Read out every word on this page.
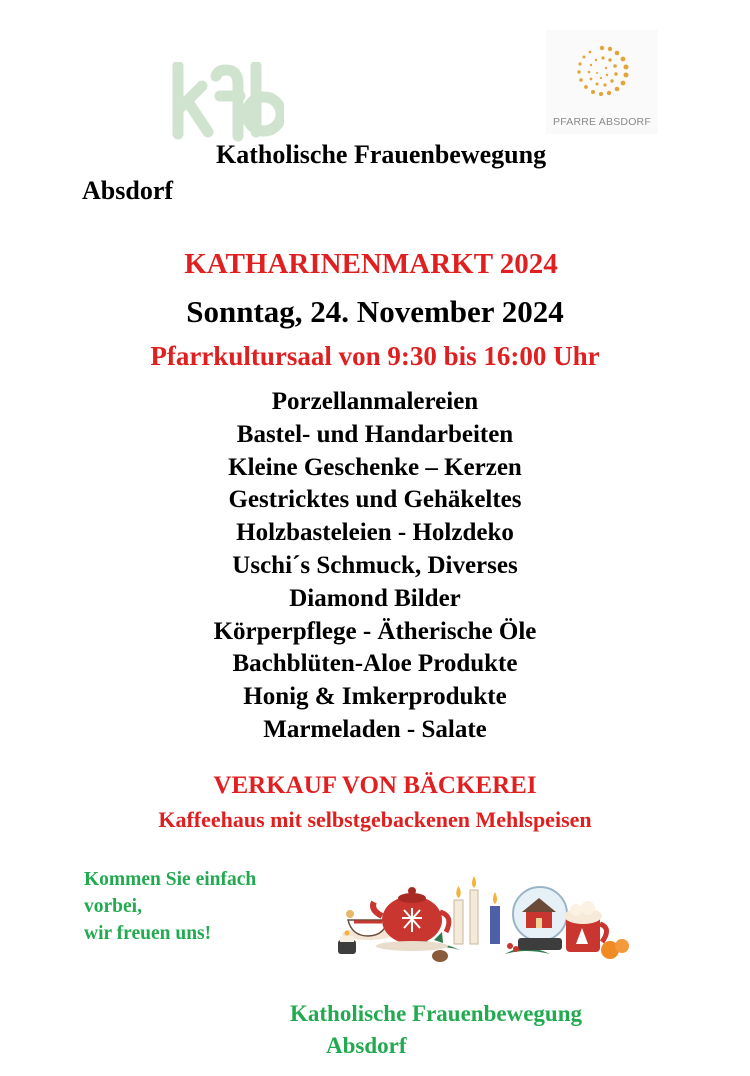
PFARRE ABSDORF
Katholische Frauenbewegung
Absdorf
KATHARINENMARKT 2024
Sonntag, 24. November 2024
Pfarrkultursaal von 9:30 bis 16:00 Uhr
Porzellanmalereien
Bastel- und Handarbeiten
Kleine Geschenke – Kerzen
Gestricktes und Gehäkeltes
Holzbasteleien - Holzdeko
Uschi´s Schmuck, Diverses
Diamond Bilder
Körperpflege - Ätherische Öle
Bachblüten-Aloe Produkte
Honig & Imkerprodukte
Marmeladen - Salate
VERKAUF VON BÄCKEREI
Kaffeehaus mit selbstgebackenen Mehlspeisen
Kommen Sie einfach
vorbei,
wir freuen uns!
Katholische Frauenbewegung
Absdorf
